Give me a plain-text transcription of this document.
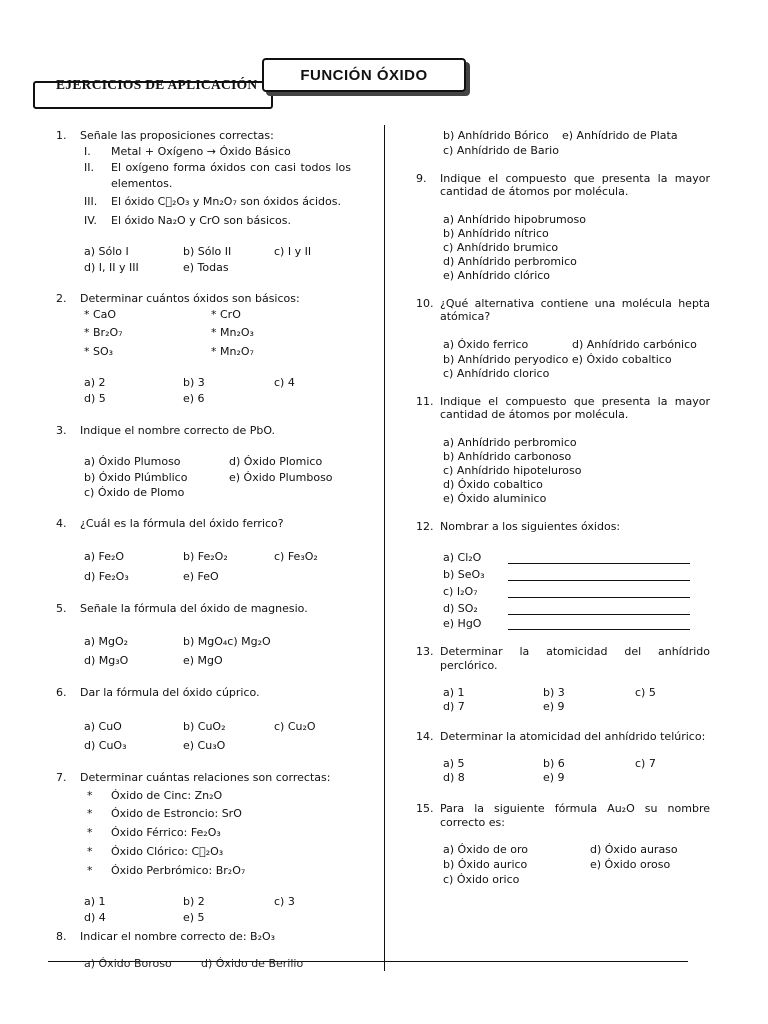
EJERCICIOS DE APLICACIÓN
FUNCIÓN ÓXIDO
1. Señale las proposiciones correctas:
I. Metal + Oxígeno → Óxido Básico
II. El oxígeno forma óxidos con casi todos los
elementos.
III. El óxido C⃞₂O₃ y Mn₂O₇ son óxidos ácidos.
IV. El óxido Na₂O y CrO son básicos.
a) Sólo I	b) Sólo II	c) I y II
d) I, II y III	e) Todas
2. Determinar cuántos óxidos son básicos:
* CaO	* CrO
* Br₂O₇	* Mn₂O₃
* SO₃	* Mn₂O₇
a) 2	b) 3	c) 4
d) 5	e) 6
3. Indique el nombre correcto de PbO.
a) Óxido Plumoso	d) Óxido Plomico
b) Óxido Plúmblico	e) Óxido Plumboso
c) Óxido de Plomo
4. ¿Cuál es la fórmula del óxido ferrico?
a) Fe₂O	b) Fe₂O₂	c) Fe₃O₂
d) Fe₂O₃	e) FeO
5. Señale la fórmula del óxido de magnesio.
a) MgO₂	b) MgO₄c) Mg₂O
d) Mg₃O	e) MgO
6. Dar la fórmula del óxido cúprico.
a) CuO	b) CuO₂	c) Cu₂O
d) CuO₃	e) Cu₃O
7. Determinar cuántas relaciones son correctas:
* Óxido de Cinc: Zn₂O
* Óxido de Estroncio: SrO
* Óxido Férrico: Fe₂O₃
* Óxido Clórico: C⃞₂O₃
* Óxido Perbrómico: Br₂O₇
a) 1	b) 2	c) 3
d) 4	e) 5
8. Indicar el nombre correcto de: B₂O₃
a) Óxido Boroso	d) Óxido de Berilio
b) Anhídrido Bórico e) Anhídrido de Plata
c) Anhídrido de Bario
9. Indique el compuesto que presenta la mayor
cantidad de átomos por molécula.
a) Anhídrido hipobrumoso
b) Anhídrido nítrico
c) Anhídrido brumico
d) Anhídrido perbromico
e) Anhídrido clórico
10. ¿Qué alternativa contiene una molécula hepta
atómica?
a) Óxido ferrico	d) Anhídrido carbónico
b) Anhídrido peryodico e) Óxido cobaltico
c) Anhídrido clorico
11. Indique el compuesto que presenta la mayor
cantidad de átomos por molécula.
a) Anhídrido perbromico
b) Anhídrido carbonoso
c) Anhídrido hipoteluroso
d) Óxido cobaltico
e) Óxido aluminico
12. Nombrar a los siguientes óxidos:
a) Cl₂O
b) SeO₃
c) I₂O₇
d) SO₂
e) HgO
13. Determinar la atomicidad del anhídrido
perclórico.
a) 1	b) 3	c) 5
d) 7	e) 9
14. Determinar la atomicidad del anhídrido telúrico:
a) 5	b) 6	c) 7
d) 8	e) 9
15. Para la siguiente fórmula Au₂O su nombre
correcto es:
a) Óxido de oro	d) Óxido auraso
b) Óxido aurico	e) Óxido oroso
c) Óxido orico
